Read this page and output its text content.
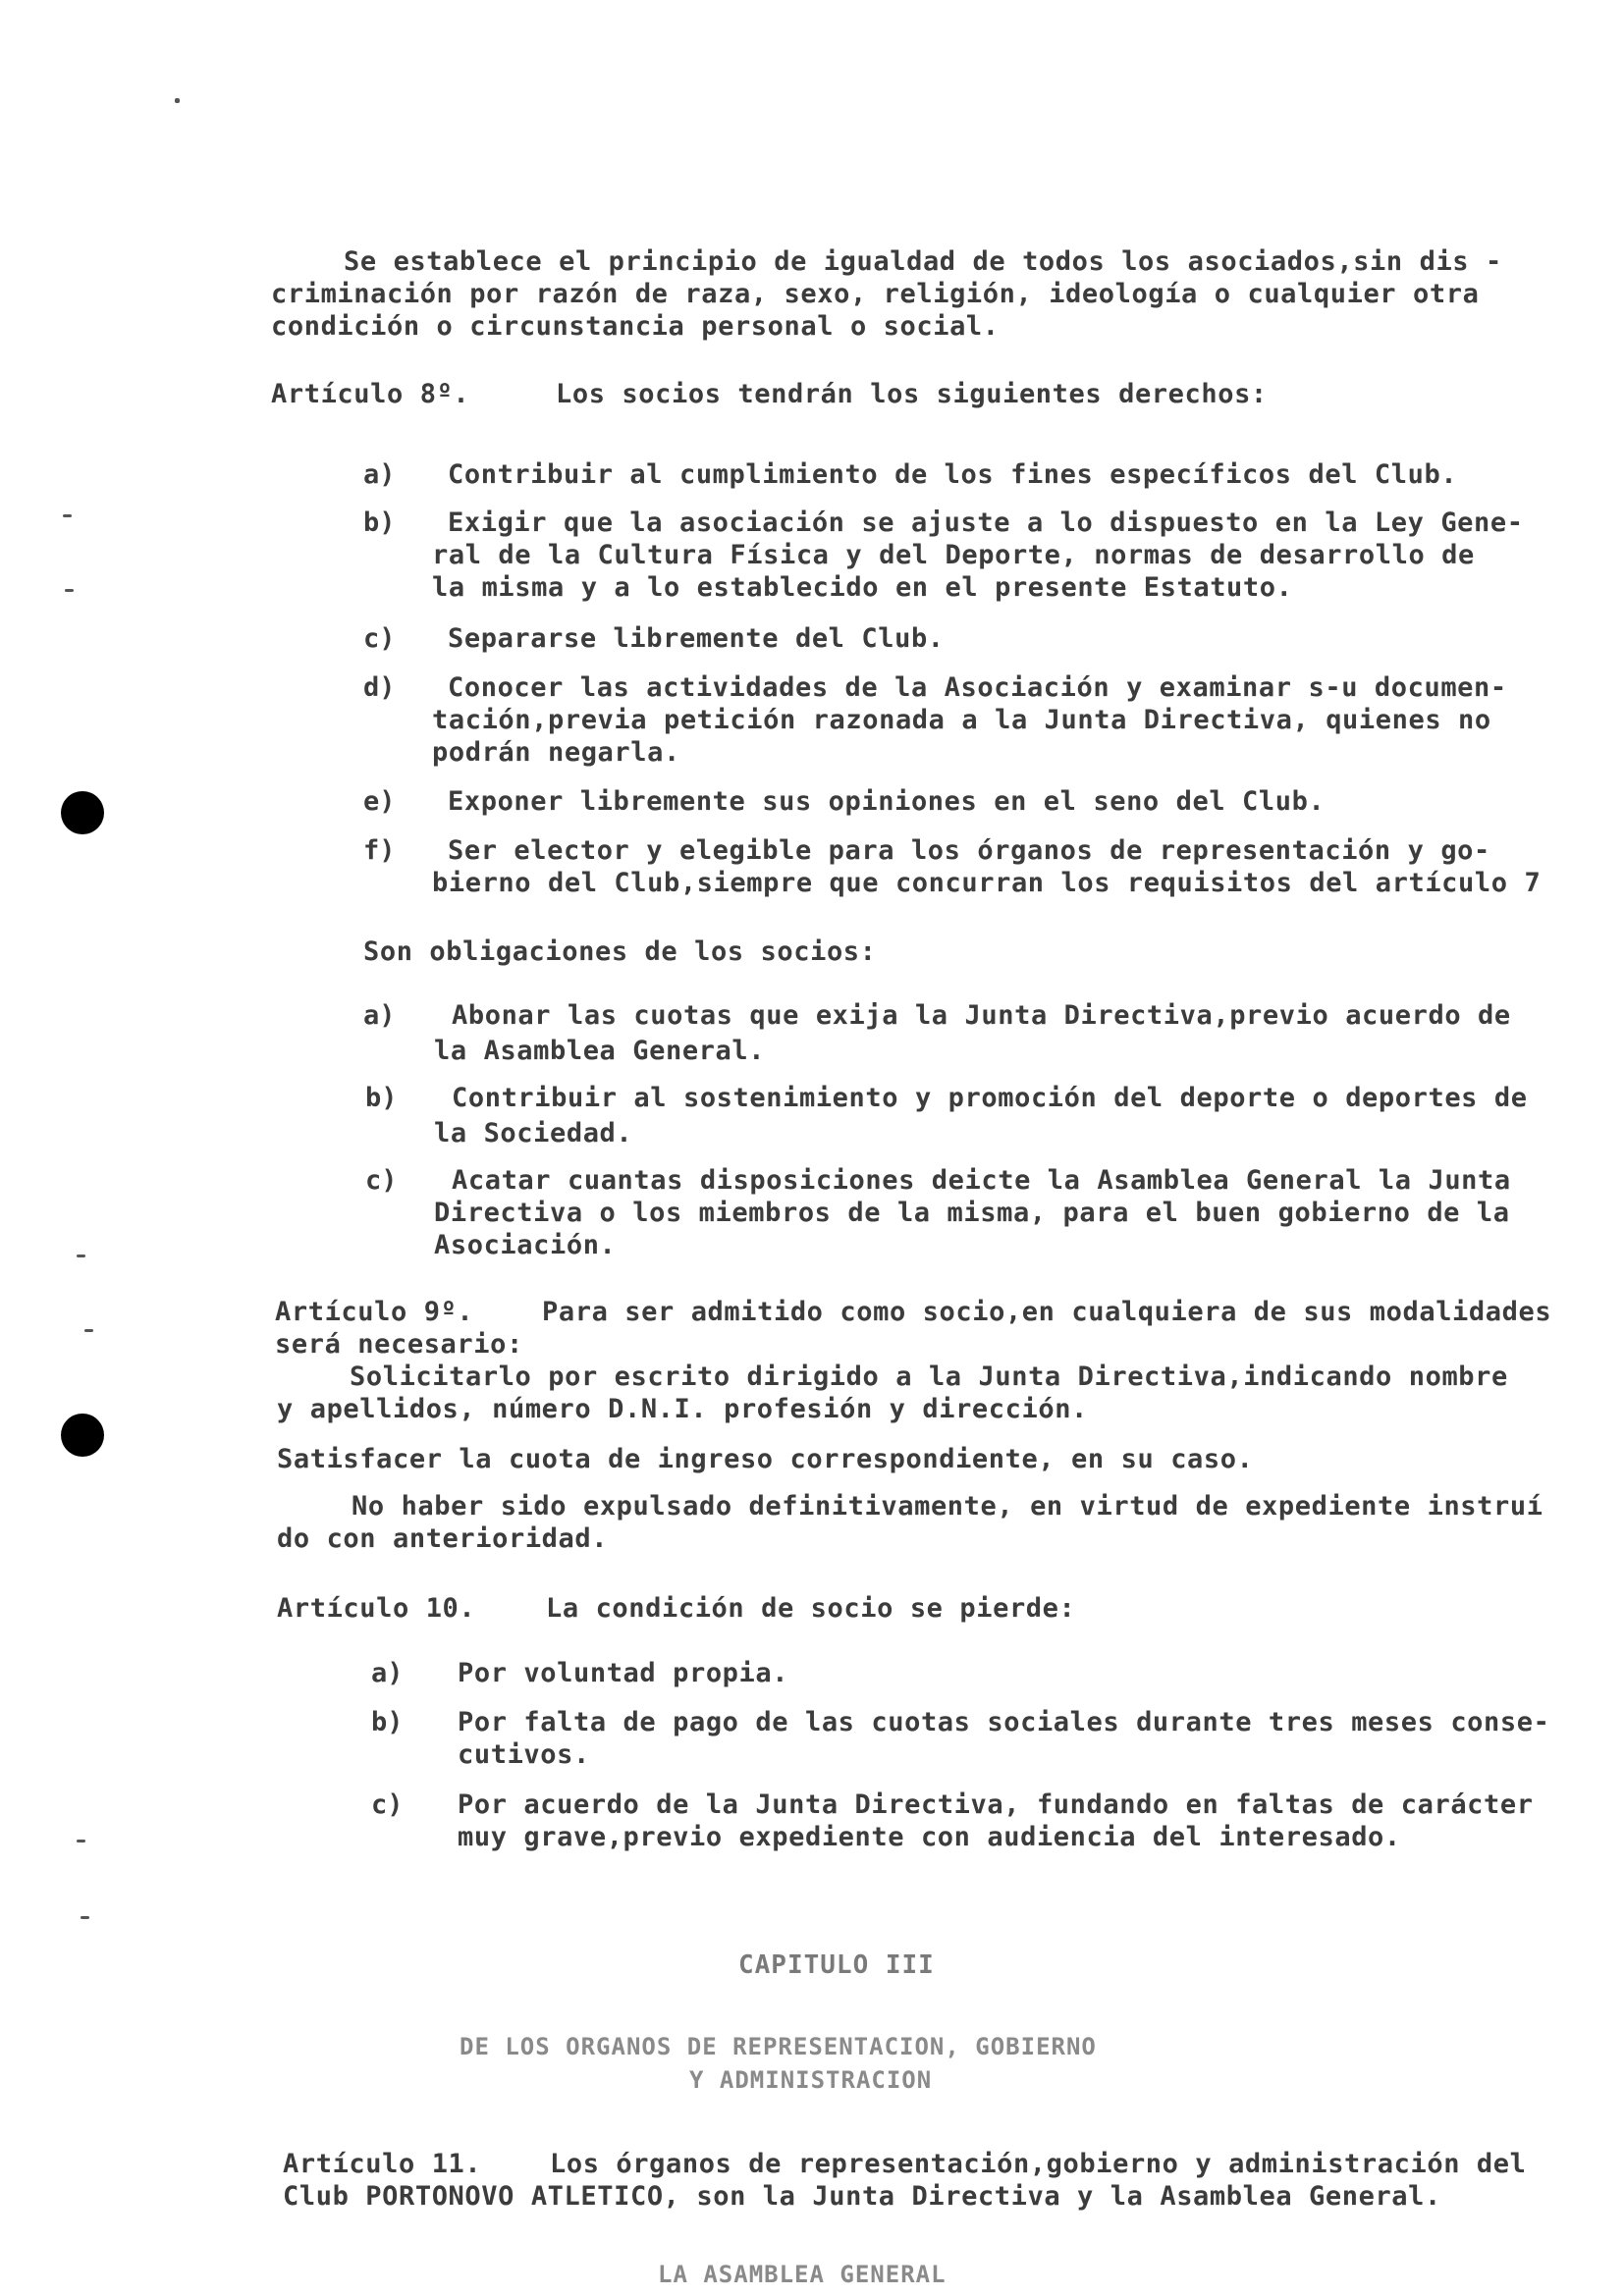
Se establece el principio de igualdad de todos los asociados,sin dis -
criminación por razón de raza, sexo, religión, ideología o cualquier otra
condición o circunstancia personal o social.
Artículo 8º.	Los socios tendrán los siguientes derechos:
a) Contribuir al cumplimiento de los fines específicos del Club.
b) Exigir que la asociación se ajuste a lo dispuesto en la Ley Gene-
ral de la Cultura Física y del Deporte, normas de desarrollo de
la misma y a lo establecido en el presente Estatuto.
c) Separarse libremente del Club.
d) Conocer las actividades de la Asociación y examinar s-u documen-
tación,previa petición razonada a la Junta Directiva, quienes no
podrán negarla.
e) Exponer libremente sus opiniones en el seno del Club.
f) Ser elector y elegible para los órganos de representación y go-
bierno del Club,siempre que concurran los requisitos del artículo 7
Son obligaciones de los socios:
a) Abonar las cuotas que exija la Junta Directiva,previo acuerdo de
la Asamblea General.
b) Contribuir al sostenimiento y promoción del deporte o deportes de
la Sociedad.
c) Acatar cuantas disposiciones deicte la Asamblea General la Junta
Directiva o los miembros de la misma, para el buen gobierno de la
Asociación.
Artículo 9º.	Para ser admitido como socio,en cualquiera de sus modalidades
será necesario:
Solicitarlo por escrito dirigido a la Junta Directiva,indicando nombre
y apellidos, número D.N.I. profesión y dirección.
Satisfacer la cuota de ingreso correspondiente, en su caso.
No haber sido expulsado definitivamente, en virtud de expediente instruí
do con anterioridad.
Artículo 10.	La condición de socio se pierde:
a) Por voluntad propia.
b) Por falta de pago de las cuotas sociales durante tres meses conse-
cutivos.
c) Por acuerdo de la Junta Directiva, fundando en faltas de carácter
muy grave,previo expediente con audiencia del interesado.
CAPITULO III
DE LOS ORGANOS DE REPRESENTACION, GOBIERNO
Y ADMINISTRACION
Artículo 11.	Los órganos de representación,gobierno y administración del
Club PORTONOVO ATLETICO, son la Junta Directiva y la Asamblea General.
LA ASAMBLEA GENERAL
